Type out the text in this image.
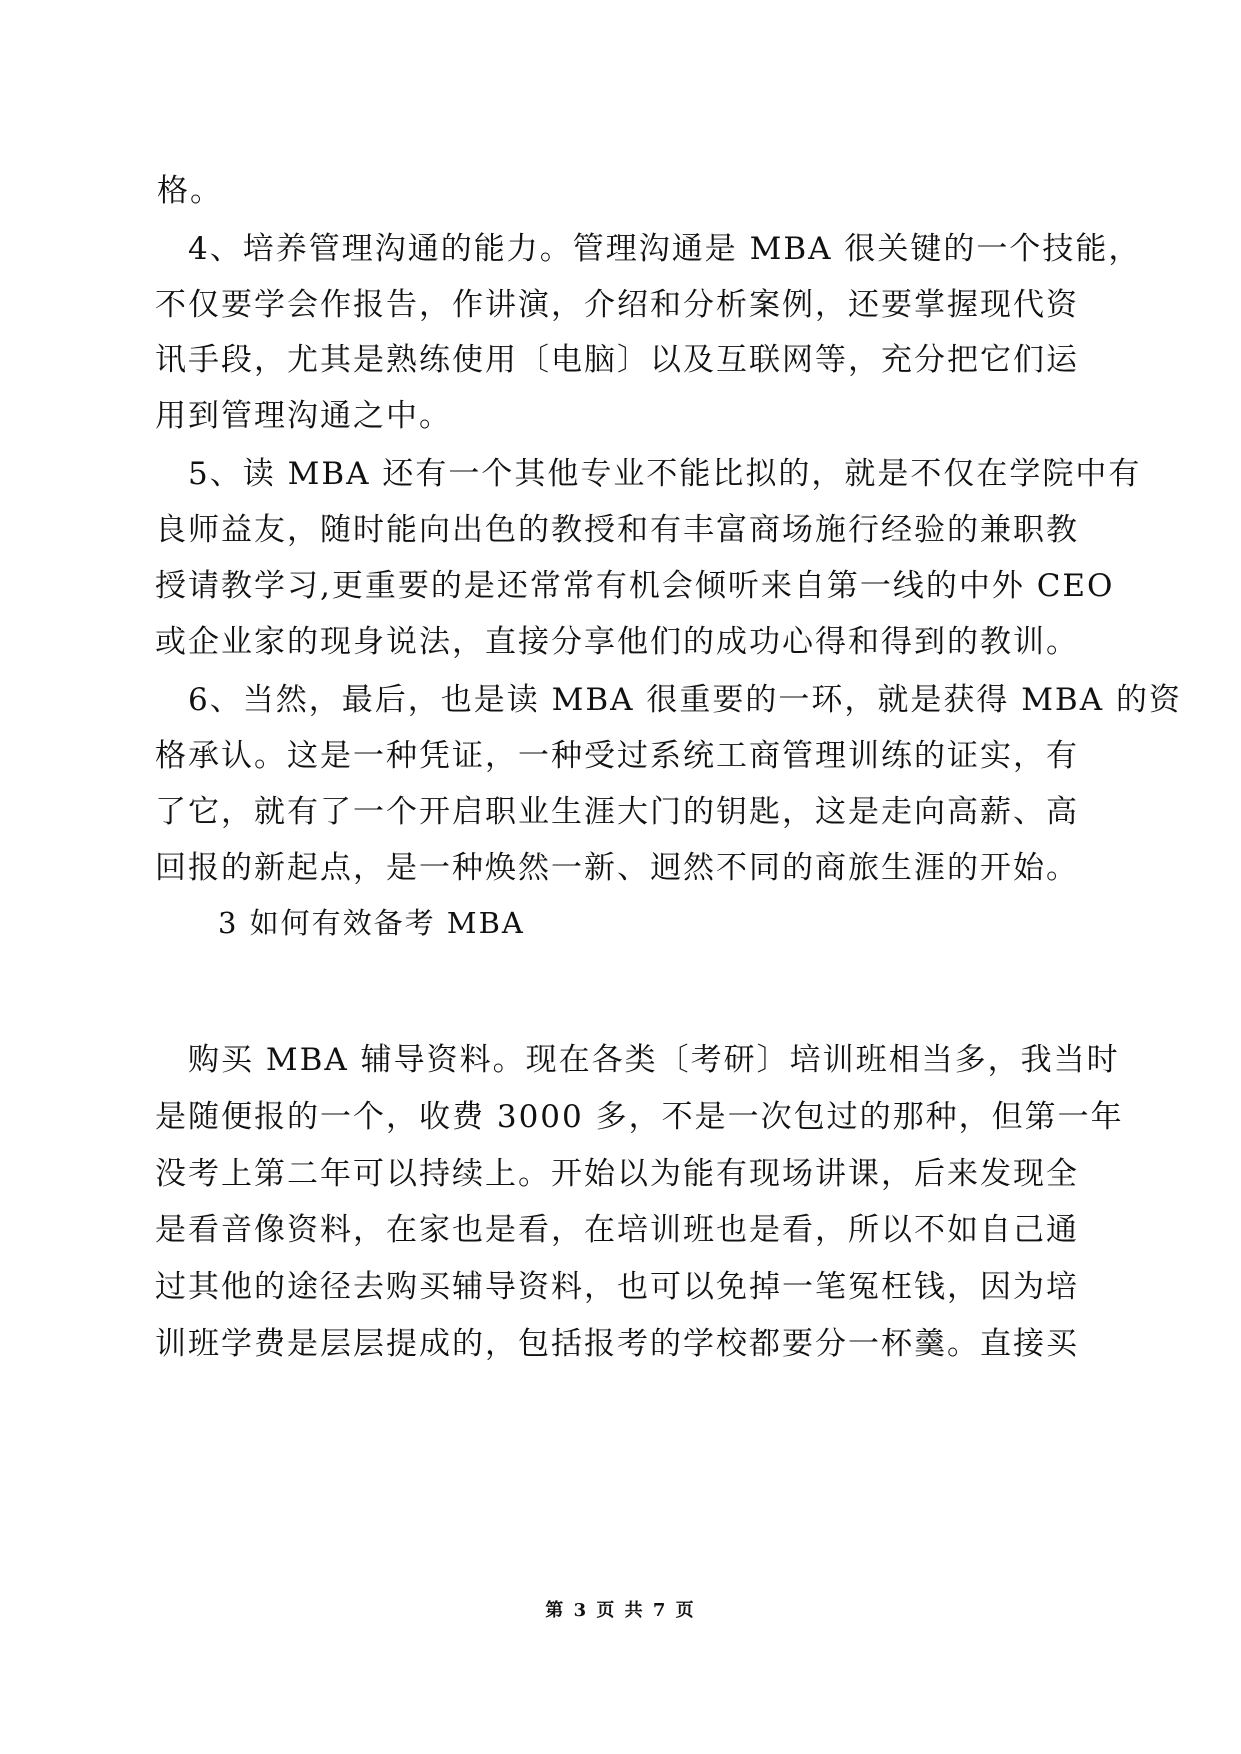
格。
4、培养管理沟通的能力。管理沟通是 MBA 很关键的一个技能，
不仅要学会作报告，作讲演，介绍和分析案例，还要掌握现代资
讯手段，尤其是熟练使用〔电脑〕以及互联网等，充分把它们运
用到管理沟通之中。
5、读 MBA 还有一个其他专业不能比拟的，就是不仅在学院中有
良师益友，随时能向出色的教授和有丰富商场施行经验的兼职教
授请教学习,更重要的是还常常有机会倾听来自第一线的中外 CEO
或企业家的现身说法，直接分享他们的成功心得和得到的教训。
6、当然，最后，也是读 MBA 很重要的一环，就是获得 MBA 的资
格承认。这是一种凭证，一种受过系统工商管理训练的证实，有
了它，就有了一个开启职业生涯大门的钥匙，这是走向高薪、高
回报的新起点，是一种焕然一新、迥然不同的商旅生涯的开始。
3 如何有效备考 MBA
购买 MBA 辅导资料。现在各类〔考研〕培训班相当多，我当时
是随便报的一个，收费 3000 多，不是一次包过的那种，但第一年
没考上第二年可以持续上。开始以为能有现场讲课，后来发现全
是看音像资料，在家也是看，在培训班也是看，所以不如自己通
过其他的途径去购买辅导资料，也可以免掉一笔冤枉钱，因为培
训班学费是层层提成的，包括报考的学校都要分一杯羹。直接买
第 3 页 共 7 页
